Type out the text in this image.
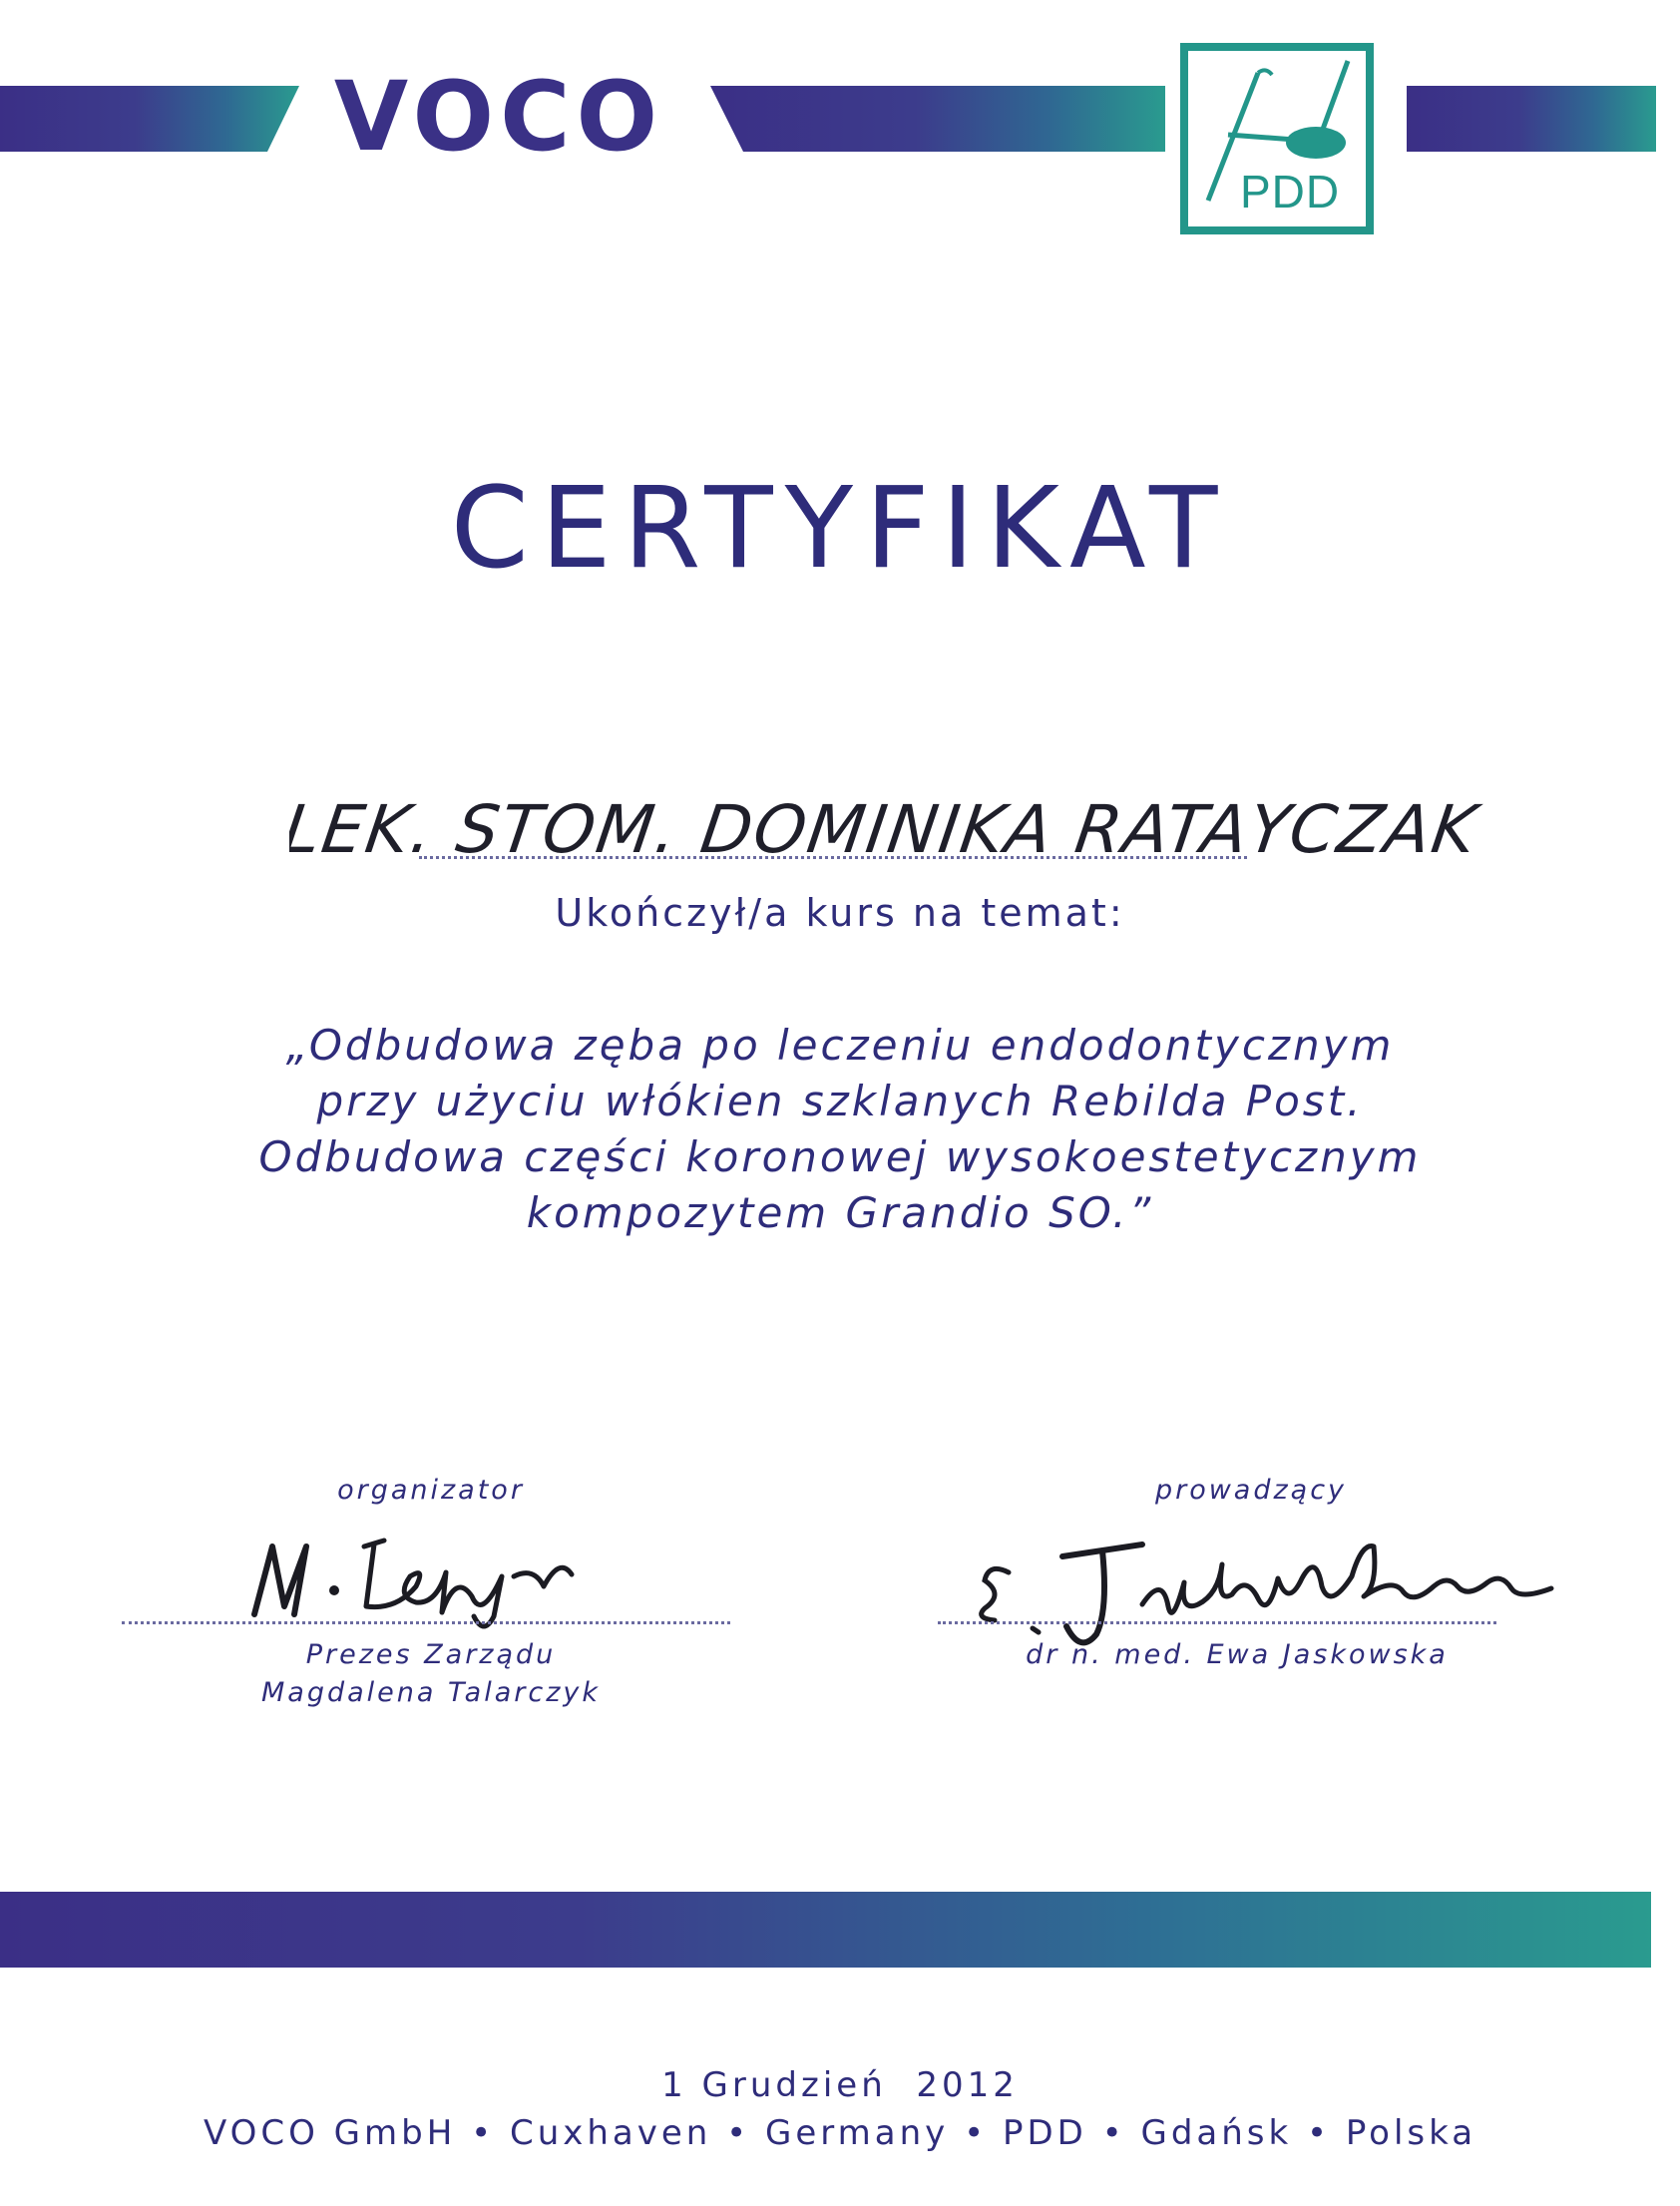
VOCO
PDD
CERTYFIKAT
LEK. STOM. DOMINIKA RATAYCZAK
Ukończył/a kurs na temat:
„Odbudowa zęba po leczeniu endodontycznym
przy użyciu włókien szklanych Rebilda Post.
Odbudowa części koronowej wysokoestetycznym
kompozytem Grandio SO.”
organizator	prowadzący
Prezes Zarządu
Magdalena Talarczyk
dr n. med. Ewa Jaskowska
1 Grudzień  2012
VOCO GmbH • Cuxhaven • Germany • PDD • Gdańsk • Polska
